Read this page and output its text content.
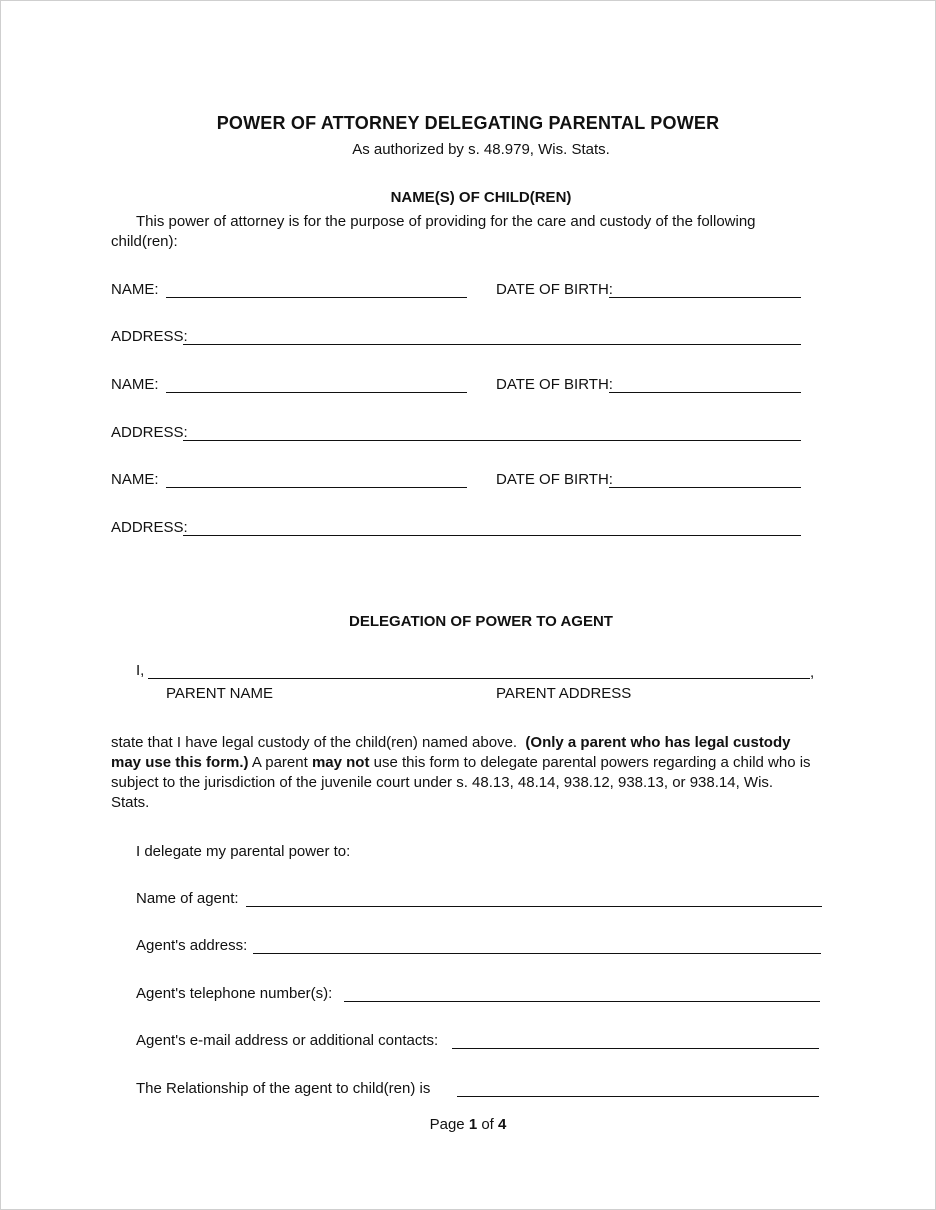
POWER OF ATTORNEY DELEGATING PARENTAL POWER
As authorized by s. 48.979, Wis. Stats.
NAME(S) OF CHILD(REN)
This power of attorney is for the purpose of providing for the care and custody of the following
child(ren):
NAME:	DATE OF BIRTH:
ADDRESS:
NAME:	DATE OF BIRTH:
ADDRESS:
NAME:	DATE OF BIRTH:
ADDRESS:
DELEGATION OF POWER TO AGENT
I,	,
PARENT NAME	PARENT ADDRESS
state that I have legal custody of the child(ren) named above. (Only a parent who has legal custody
may use this form.) A parent may not use this form to delegate parental powers regarding a child who is
subject to the jurisdiction of the juvenile court under s. 48.13, 48.14, 938.12, 938.13, or 938.14, Wis.
Stats.
I delegate my parental power to:
Name of agent:
Agent's address:
Agent's telephone number(s):
Agent's e-mail address or additional contacts:
The Relationship of the agent to child(ren) is
Page 1 of 4
